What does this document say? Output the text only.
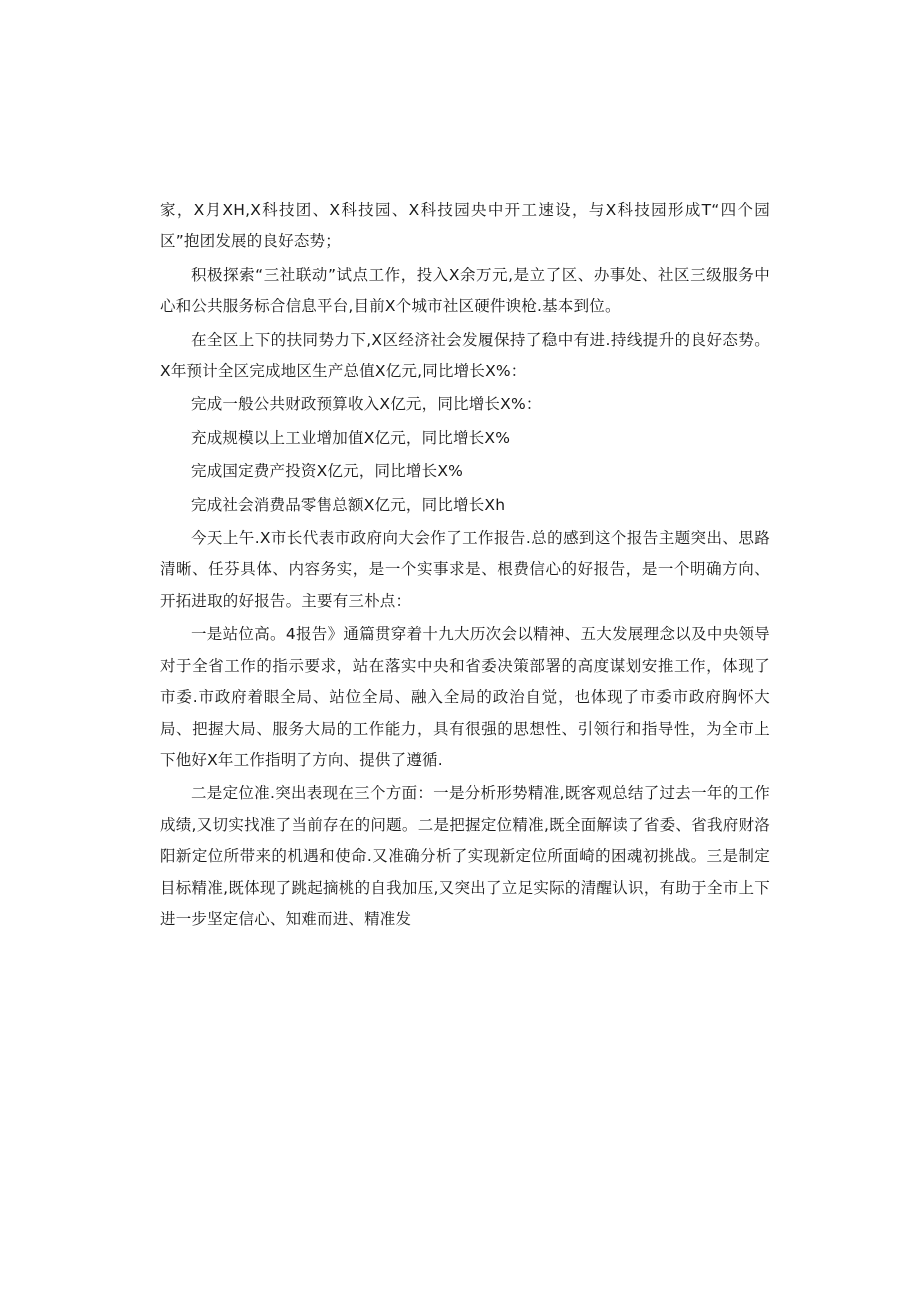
家，X月XH,X科技团、X科技园、X科技园央中开工速设，与X科技园形成T“四个园区”抱团发展的良好态势；

积极探索“三社联动”试点工作，投入X余万元,是立了区、办事处、社区三级服务中心和公共服务标合信息平台,目前X个城市社区硬件谀枪.基本到位。

在全区上下的扶同势力下,X区经济社会发履保持了稳中有进.持线提升的良好态势。X年预计全区完成地区生产总值X亿元,同比增长X%：

完成一般公共财政预算收入X亿元，同比增长X%：

充成规模以上工业增加值X亿元，同比增长X%

完成国定费产投资X亿元，同比增长X%

完成社会消费品零售总额X亿元，同比增长Xh

今天上午.X市长代表市政府向大会作了工作报告.总的感到这个报告主题突出、思路清晰、任芬具体、内容务实，是一个实事求是、根费信心的好报告，是一个明确方向、开拓进取的好报告。主要有三朴点：

一是站位高。4报告》通篇贯穿着十九大历次会以精神、五大发展理念以及中央领导对于全省工作的指示要求，站在落实中央和省委决策部署的高度谋划安推工作，体现了市委.市政府着眼全局、站位全局、融入全局的政治自觉，也体现了市委市政府胸怀大局、把握大局、服务大局的工作能力，具有很强的思想性、引领行和指导性，为全市上下他好X年工作指明了方向、提供了遵循.

二是定位准.突出表现在三个方面：一是分析形势精准,既客观总结了过去一年的工作成绩,又切实找准了当前存在的问题。二是把握定位精准,既全面解读了省委、省我府财洛阳新定位所带来的机遇和使命.又准确分析了实现新定位所面崎的困魂初挑战。三是制定目标精准,既体现了跳起摘桃的自我加压,又突出了立足实际的清醒认识，有助于全市上下进一步坚定信心、知难而进、精准发
